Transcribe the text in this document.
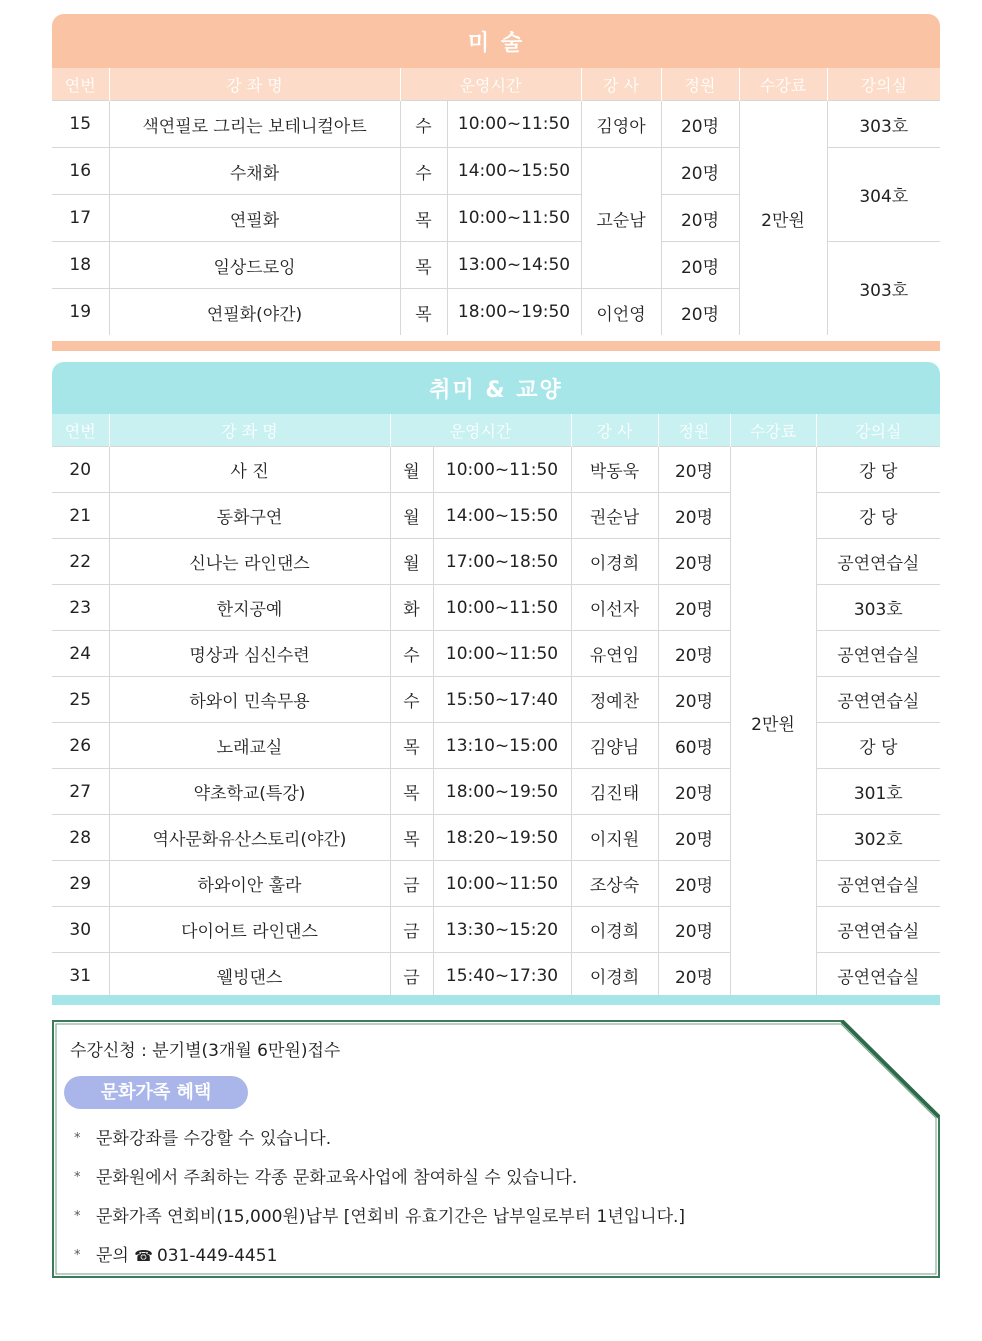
미 술
연번	강 좌 명	운영시간		강 사	정원	수강료	강의실
15	색연필로 그리는 보테니컬아트	수	10:00~11:50	김영아	20명	2만원	303호
16	수채화	수	14:00~15:50	고순남	20명		304호
17	연필화	목	10:00~11:50		20명		
18	일상드로잉	목	13:00~14:50		20명		303호
19	연필화(야간)	목	18:00~19:50	이언영	20명		
취미 & 교양
연번	강 좌 명	운영시간		강 사	정원	수강료	강의실
20	사 진	월	10:00~11:50	박동욱	20명	2만원	강 당
21	동화구연	월	14:00~15:50	권순남	20명		강 당
22	신나는 라인댄스	월	17:00~18:50	이경희	20명		공연연습실
23	한지공예	화	10:00~11:50	이선자	20명		303호
24	명상과 심신수련	수	10:00~11:50	유연임	20명		공연연습실
25	하와이 민속무용	수	15:50~17:40	정예찬	20명		공연연습실
26	노래교실	목	13:10~15:00	김양님	60명		강 당
27	약초학교(특강)	목	18:00~19:50	김진태	20명		301호
28	역사문화유산스토리(야간)	목	18:20~19:50	이지원	20명		302호
29	하와이안 훌라	금	10:00~11:50	조상숙	20명		공연연습실
30	다이어트 라인댄스	금	13:30~15:20	이경희	20명		공연연습실
31	웰빙댄스	금	15:40~17:30	이경희	20명		공연연습실
수강신청 : 분기별(3개월 6만원)접수
문화가족 혜택
* 문화강좌를 수강할 수 있습니다.
* 문화원에서 주최하는 각종 문화교육사업에 참여하실 수 있습니다.
* 문화가족 연회비(15,000원)납부 [연회비 유효기간은 납부일로부터 1년입니다.]
* 문의 ☎ 031-449-4451
